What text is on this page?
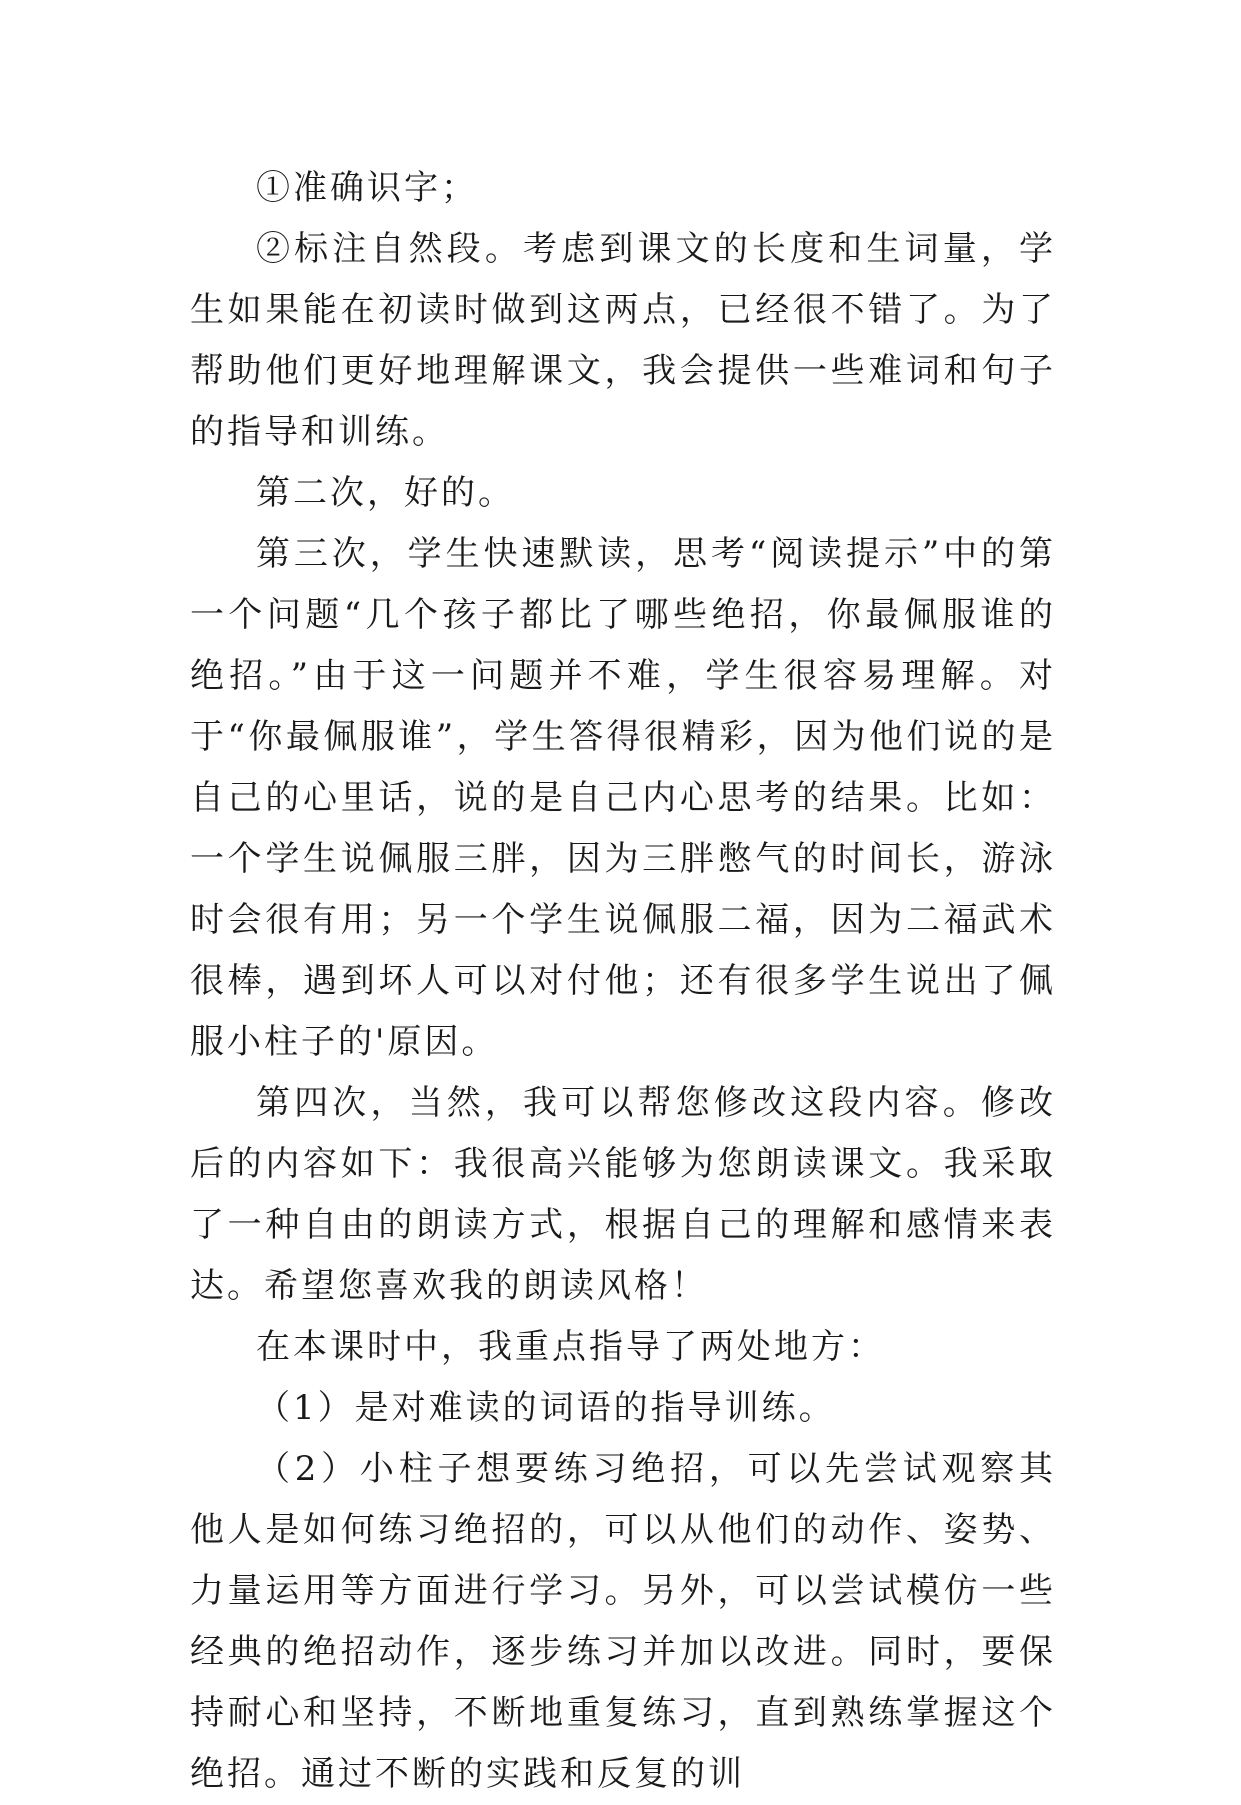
①准确识字；

②标注自然段。考虑到课文的长度和生词量，学生如果能在初读时做到这两点，已经很不错了。为了帮助他们更好地理解课文，我会提供一些难词和句子的指导和训练。

第二次，好的。

第三次，学生快速默读，思考“阅读提示”中的第一个问题“几个孩子都比了哪些绝招，你最佩服谁的绝招。”由于这一问题并不难，学生很容易理解。对于“你最佩服谁”，学生答得很精彩，因为他们说的是自己的心里话，说的是自己内心思考的结果。比如：一个学生说佩服三胖，因为三胖憋气的时间长，游泳时会很有用；另一个学生说佩服二福，因为二福武术很棒，遇到坏人可以对付他；还有很多学生说出了佩服小柱子的'原因。

第四次，当然，我可以帮您修改这段内容。修改后的内容如下：我很高兴能够为您朗读课文。我采取了一种自由的朗读方式，根据自己的理解和感情来表达。希望您喜欢我的朗读风格！

在本课时中，我重点指导了两处地方：

（1）是对难读的词语的指导训练。

（2）小柱子想要练习绝招，可以先尝试观察其他人是如何练习绝招的，可以从他们的动作、姿势、力量运用等方面进行学习。另外，可以尝试模仿一些经典的绝招动作，逐步练习并加以改进。同时，要保持耐心和坚持，不断地重复练习，直到熟练掌握这个绝招。通过不断的实践和反复的训
